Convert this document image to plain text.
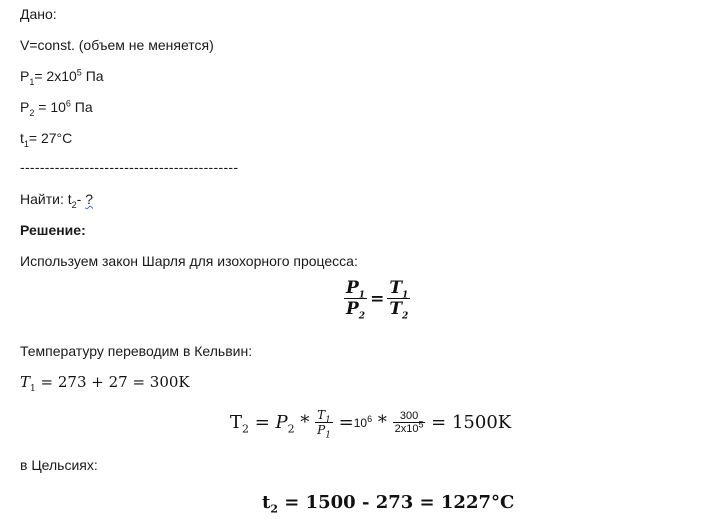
Дано:
V=const. (объем не меняется)
$P_1= 2х10^5$ Па
$P_2 = 10^6$ Па
$t_1= 27^\circ С$
--------------------------------------------
Найти: $t_2-$ ?
Решение:
Используем закон Шарля для изохорного процесса:
$\frac{P_1}{P_2} = \frac{T_1}{T_2}$
Температуру переводим в Кельвин:
$T_1 = 273 + 27 = 300K$
$T_2 = P_2 * \frac{T_1}{P_1} =10^6 * \frac{300}{2x10^5} = 1500K$
в Цельсиях:
$t_2 = 1500 - 273 = 1227^\circ C$
